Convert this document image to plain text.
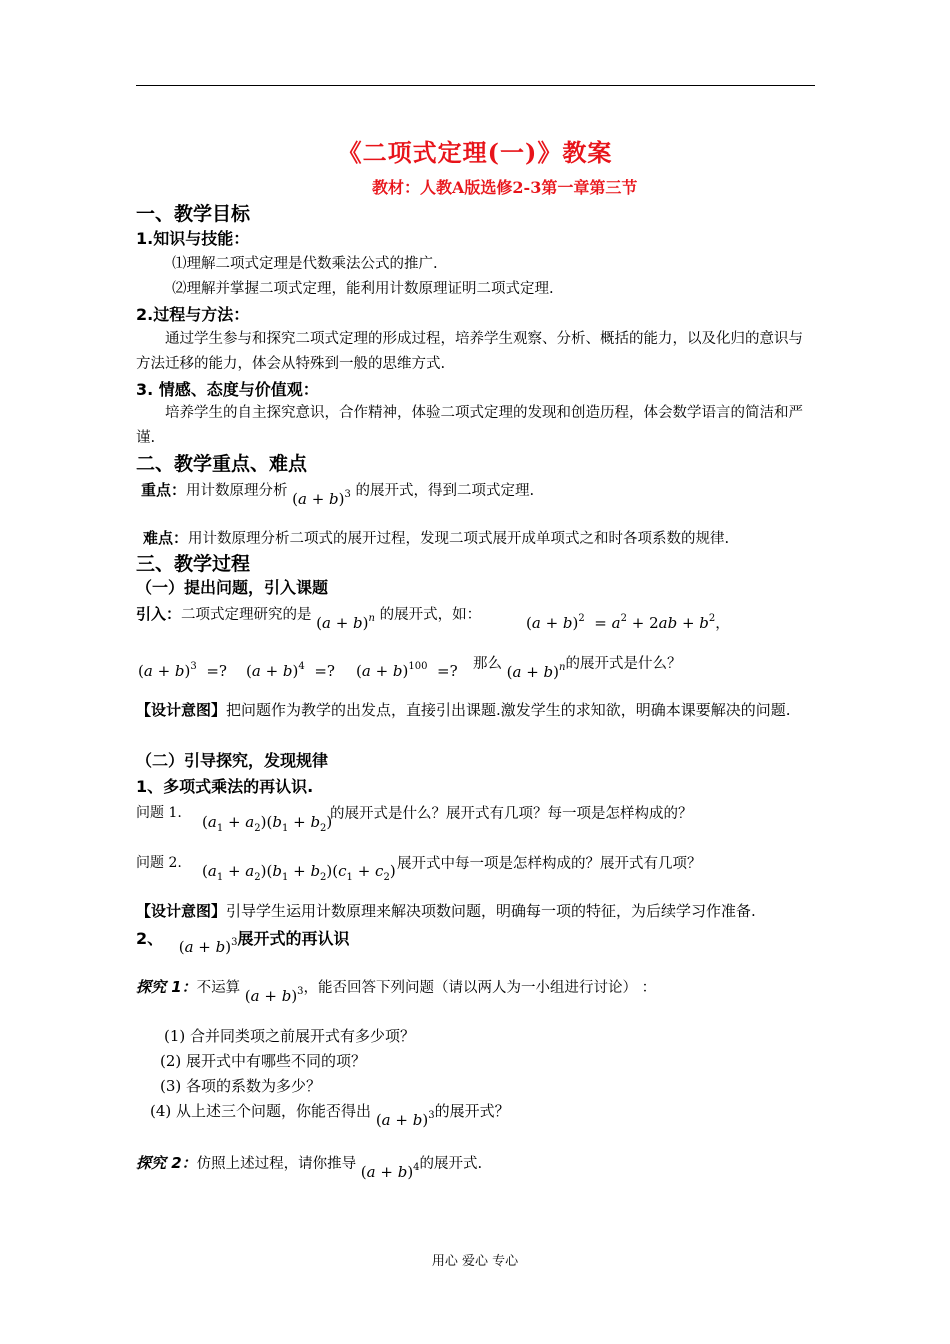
《二项式定理(一)》教案
教材：人教A版选修2-3第一章第三节
一、教学目标
1.知识与技能：
⑴理解二项式定理是代数乘法公式的推广.
⑵理解并掌握二项式定理，能利用计数原理证明二项式定理.
2.过程与方法：
通过学生参与和探究二项式定理的形成过程，培养学生观察、分析、概括的能力，以及化归的意识与方法迁移的能力，体会从特殊到一般的思维方式.
3. 情感、态度与价值观：
培养学生的自主探究意识，合作精神，体验二项式定理的发现和创造历程，体会数学语言的简洁和严谨.
二、教学重点、难点
重点：用计数原理分析 $(a + b)^3$ 的展开式，得到二项式定理.
难点：用计数原理分析二项式的展开过程，发现二项式展开成单项式之和时各项系数的规律.
三、教学过程
（一）提出问题，引入课题
引入：二项式定理研究的是 $(a + b)^n$ 的展开式，如：	$(a + b)^2 = a^2 + 2ab + b^2$，
$(a + b)^3$ =? $(a + b)^4$ =? $(a + b)^{100}$ =? 那么 $(a + b)^n$的展开式是什么？
【设计意图】把问题作为教学的出发点，直接引出课题.激发学生的求知欲，明确本课要解决的问题.
（二）引导探究，发现规律
1、多项式乘法的再认识.
问题 1. $(a_1 + a_2)(b_1 + b_2)$
的展开式是什么？展开式有几项？每一项是怎样构成的？
问题 2. $(a_1 + a_2)(b_1 + b_2)(c_1 + c_2)$ 展开式中每一项是怎样构成的？展开式有几项？
【设计意图】引导学生运用计数原理来解决项数问题，明确每一项的特征，为后续学习作准备.
2、 $(a + b)^3$展开式的再认识
探究 1：不运算 $(a + b)^3$，能否回答下列问题（请以两人为一小组进行讨论） ：
(1) 合并同类项之前展开式有多少项？
(2) 展开式中有哪些不同的项？
(3) 各项的系数为多少？
(4) 从上述三个问题，你能否得出 $(a + b)^3$的展开式？
探究 2：仿照上述过程，请你推导 $(a + b)^4$的展开式.
用心 爱心 专心
